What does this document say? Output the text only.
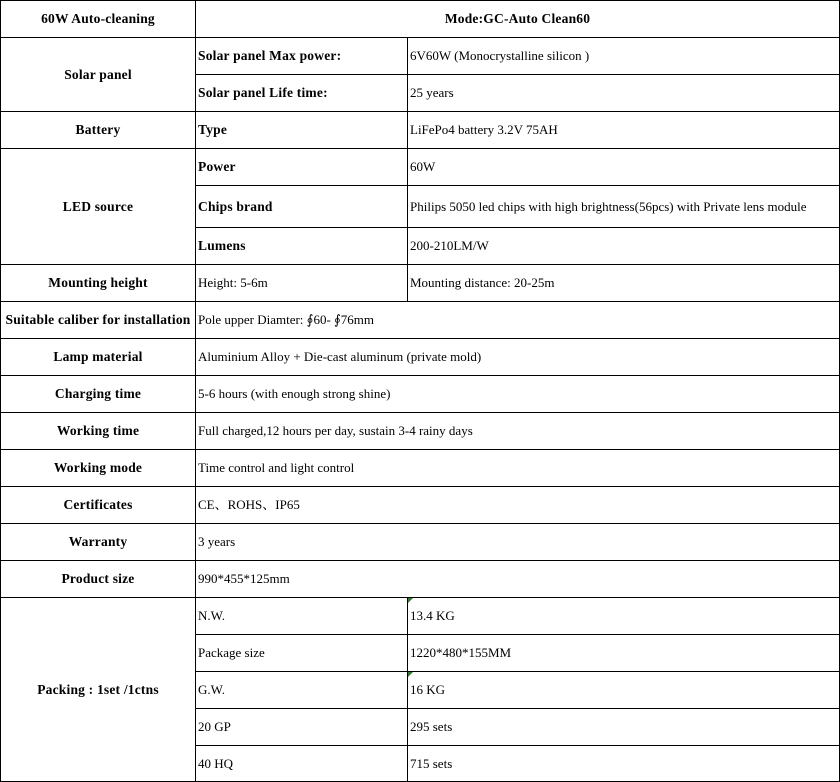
60W Auto-cleaning	Mode:GC-Auto Clean60	
Solar panel	Solar panel Max power:	6V60W (Monocrystalline silicon )
	Solar panel Life time:	25 years
Battery	Type	LiFePo4 battery 3.2V 75AH
LED source	Power	60W
	Chips brand	Philips 5050 led chips with high brightness(56pcs) with Private lens module

	Lumens	200-210LM/W
Mounting height	Height: 5-6m	Mounting distance: 20-25m

Suitable caliber for installation	Pole upper Diamter: ∮60- ∮76mm	
Lamp material	Aluminium Alloy + Die-cast aluminum (private mold)	
Charging time	5-6 hours (with enough strong shine)	
Working time	Full charged,12 hours per day, sustain 3-4 rainy days	
Working mode	Time control and light control	
Certificates	CE、ROHS、IP65	
Warranty	3 years	
Product size	990*455*125mm	
Packing : 1set /1ctns	N.W.	13.4 KG
	Package size	1220*480*155MM
	G.W.	16 KG
	20 GP	295 sets
	40 HQ	715 sets
